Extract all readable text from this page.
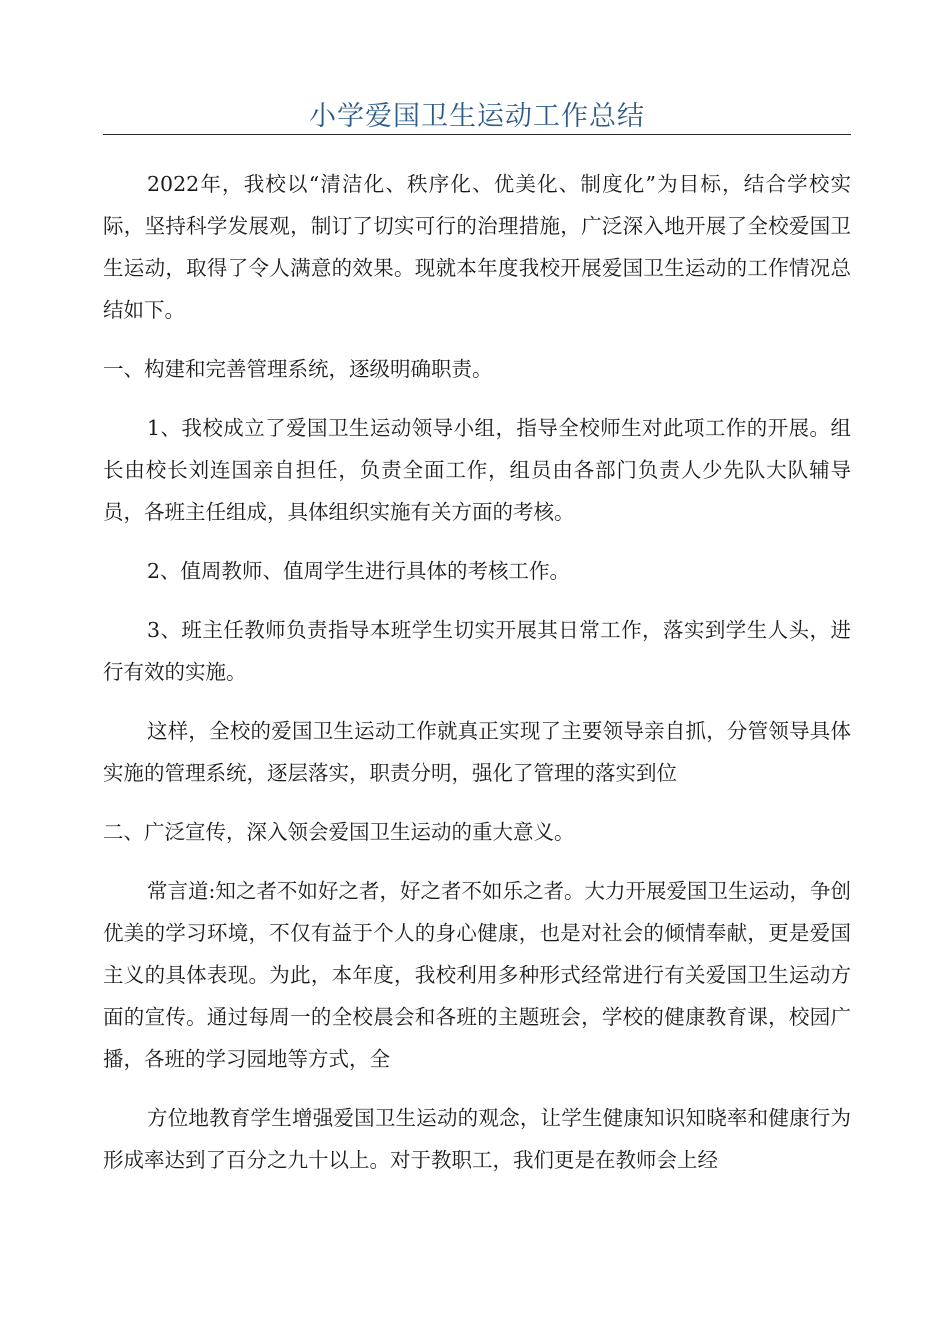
小学爱国卫生运动工作总结

2022年，我校以“清洁化、秩序化、优美化、制度化”为目标，结合学校实际，坚持科学发展观，制订了切实可行的治理措施，广泛深入地开展了全校爱国卫生运动，取得了令人满意的效果。现就本年度我校开展爱国卫生运动的工作情况总结如下。

一、构建和完善管理系统，逐级明确职责。

1、我校成立了爱国卫生运动领导小组，指导全校师生对此项工作的开展。组长由校长刘连国亲自担任，负责全面工作，组员由各部门负责人少先队大队辅导员，各班主任组成，具体组织实施有关方面的考核。

2、值周教师、值周学生进行具体的考核工作。

3、班主任教师负责指导本班学生切实开展其日常工作，落实到学生人头，进行有效的实施。

这样，全校的爱国卫生运动工作就真正实现了主要领导亲自抓，分管领导具体实施的管理系统，逐层落实，职责分明，强化了管理的落实到位

二、广泛宣传，深入领会爱国卫生运动的重大意义。

常言道:知之者不如好之者，好之者不如乐之者。大力开展爱国卫生运动，争创优美的学习环境，不仅有益于个人的身心健康，也是对社会的倾情奉献，更是爱国主义的具体表现。为此，本年度，我校利用多种形式经常进行有关爱国卫生运动方面的宣传。通过每周一的全校晨会和各班的主题班会，学校的健康教育课，校园广播，各班的学习园地等方式，全

方位地教育学生增强爱国卫生运动的观念，让学生健康知识知晓率和健康行为形成率达到了百分之九十以上。对于教职工，我们更是在教师会上经
